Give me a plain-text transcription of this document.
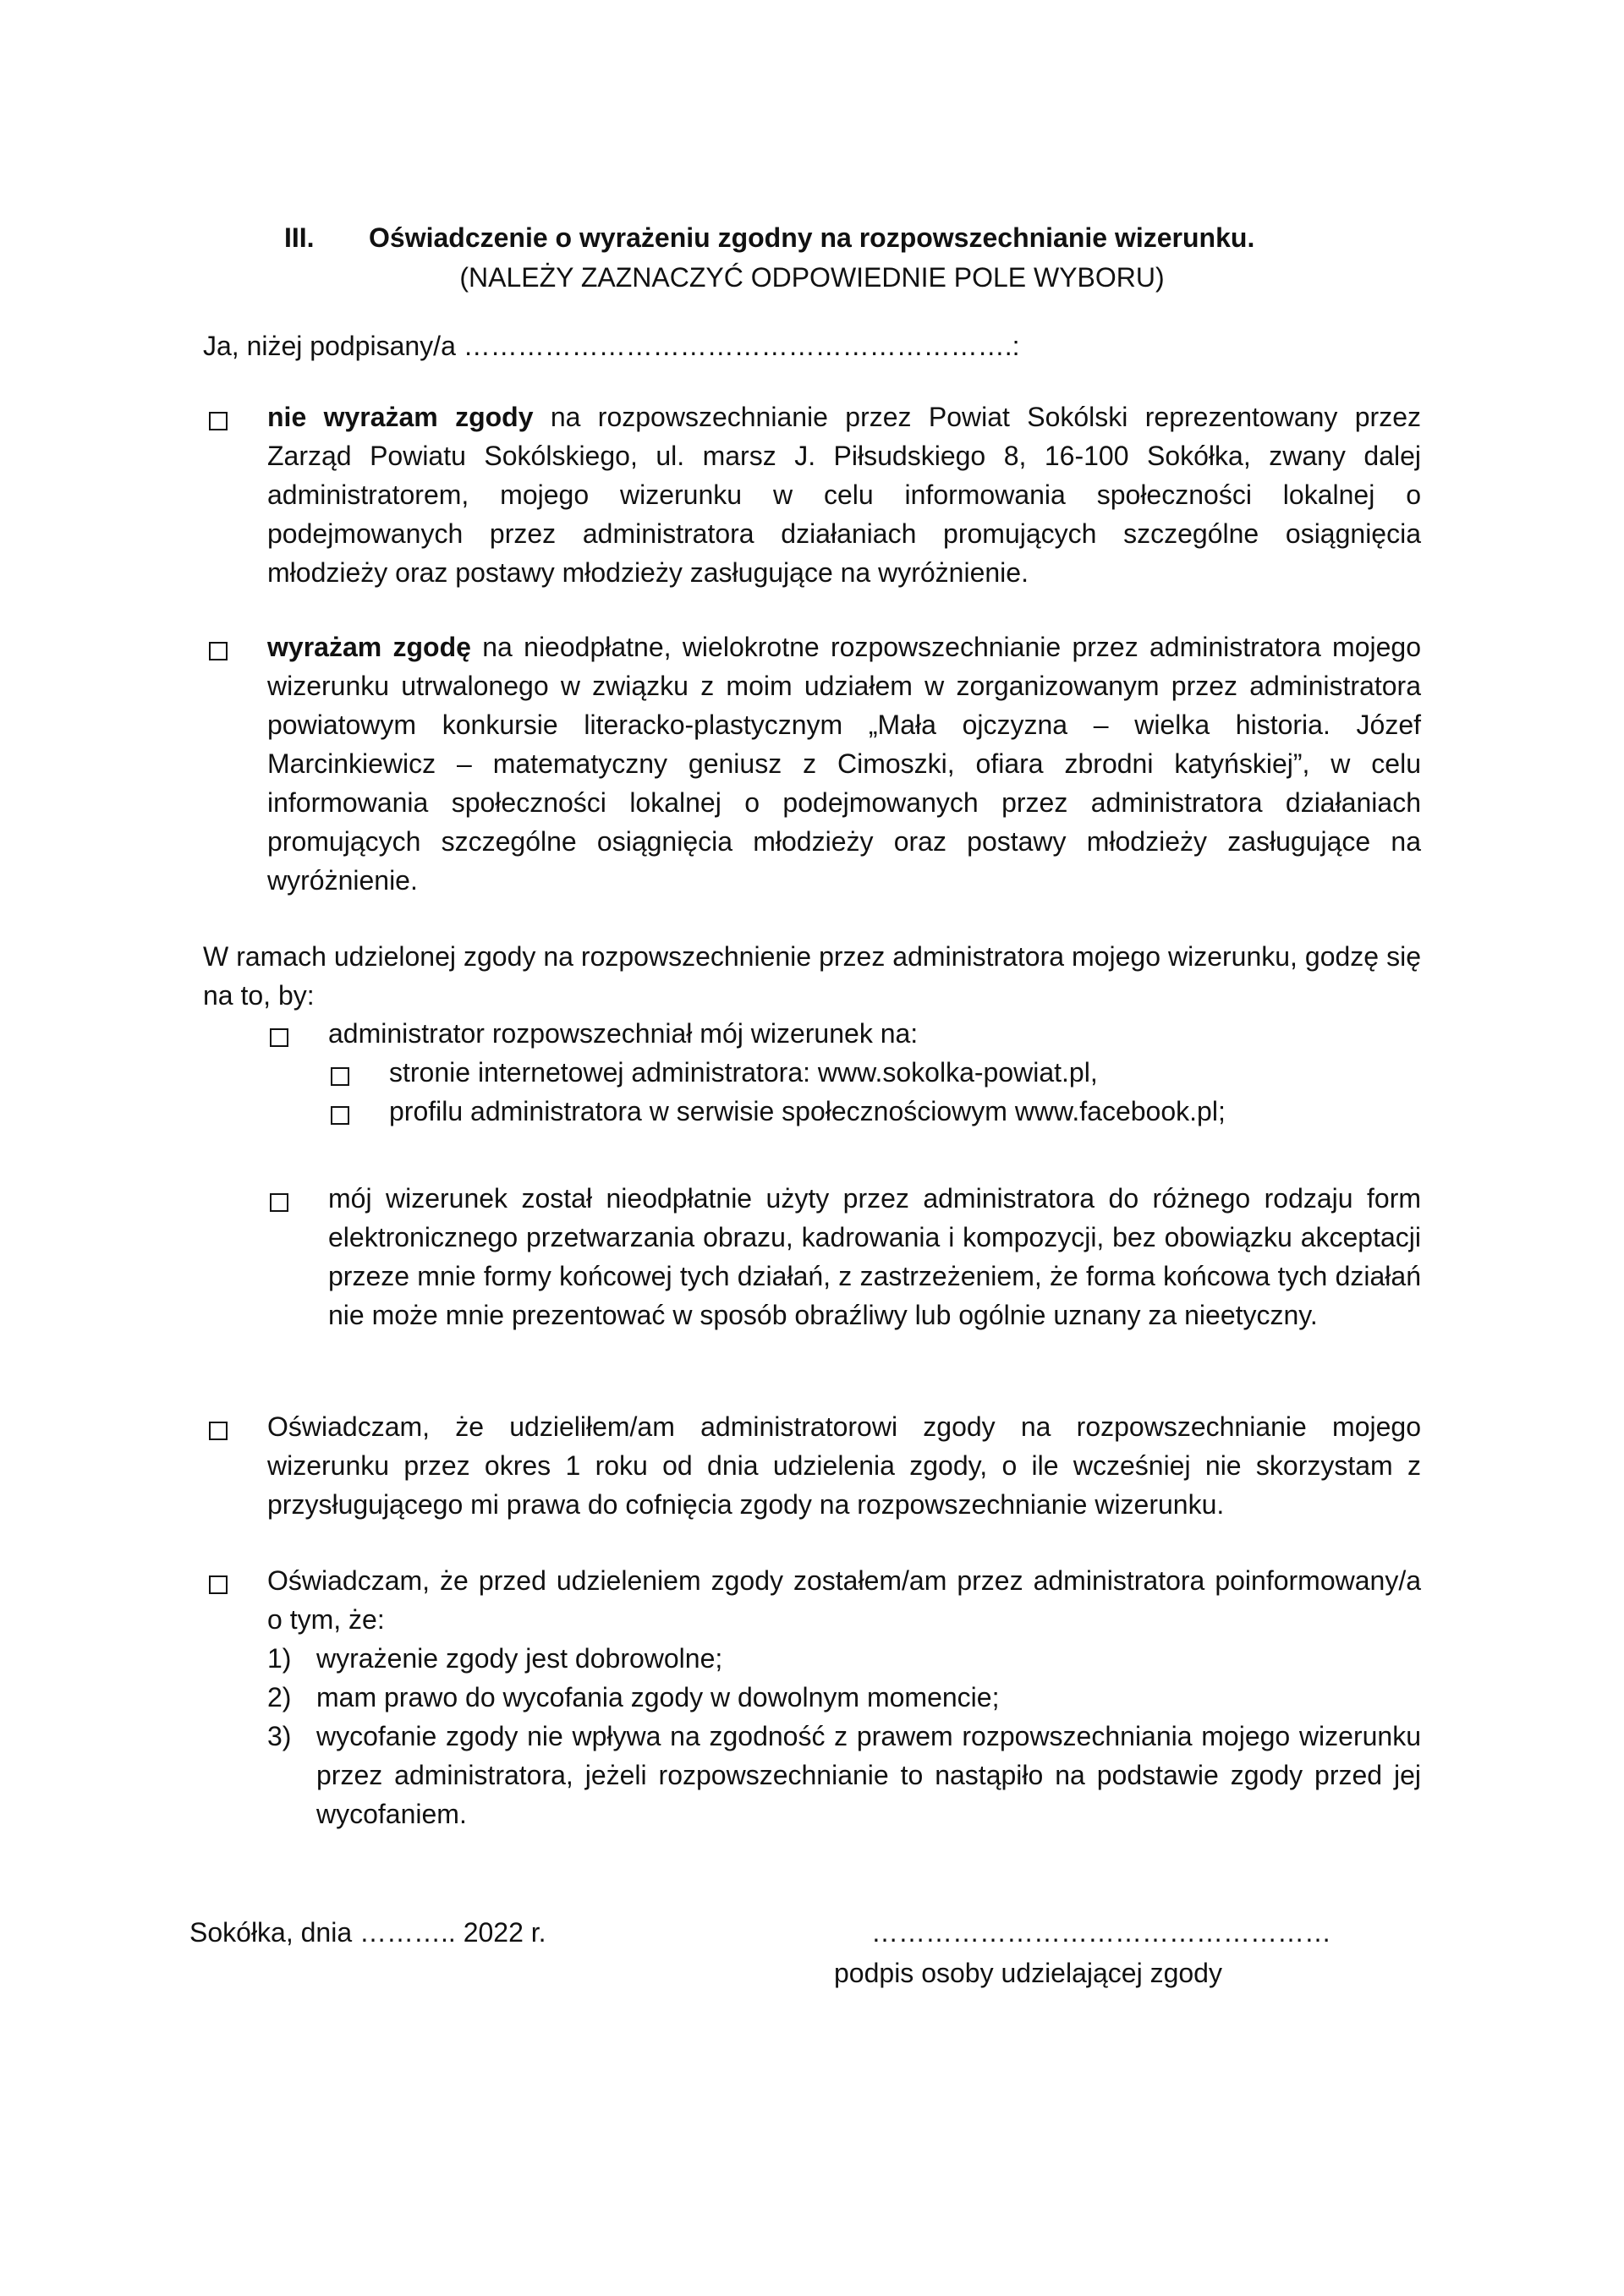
III. Oświadczenie o wyrażeniu zgodny na rozpowszechnianie wizerunku.
(NALEŻY ZAZNACZYĆ ODPOWIEDNIE POLE WYBORU)
Ja, niżej podpisany/a …………………………………………………….:
nie wyrażam zgody na rozpowszechnianie przez Powiat Sokólski reprezentowany przez Zarząd Powiatu Sokólskiego, ul. marsz J. Piłsudskiego 8, 16-100 Sokółka, zwany dalej administratorem, mojego wizerunku w celu informowania społeczności lokalnej o podejmowanych przez administratora działaniach promujących szczególne osiągnięcia młodzieży oraz postawy młodzieży zasługujące na wyróżnienie.
wyrażam zgodę na nieodpłatne, wielokrotne rozpowszechnianie przez administratora mojego wizerunku utrwalonego w związku z moim udziałem w zorganizowanym przez administratora powiatowym konkursie literacko-plastycznym „Mała ojczyzna – wielka historia. Józef Marcinkiewicz – matematyczny geniusz z Cimoszki, ofiara zbrodni katyńskiej”, w celu informowania społeczności lokalnej o podejmowanych przez administratora działaniach promujących szczególne osiągnięcia młodzieży oraz postawy młodzieży zasługujące na wyróżnienie.
W ramach udzielonej zgody na rozpowszechnienie przez administratora mojego wizerunku, godzę się na to, by:
administrator rozpowszechniał mój wizerunek na:
stronie internetowej administratora: www.sokolka-powiat.pl,
profilu administratora w serwisie społecznościowym www.facebook.pl;
mój wizerunek został nieodpłatnie użyty przez administratora do różnego rodzaju form elektronicznego przetwarzania obrazu, kadrowania i kompozycji, bez obowiązku akceptacji przeze mnie formy końcowej tych działań, z zastrzeżeniem, że forma końcowa tych działań nie może mnie prezentować w sposób obraźliwy lub ogólnie uznany za nieetyczny.
Oświadczam, że udzieliłem/am administratorowi zgody na rozpowszechnianie mojego wizerunku przez okres 1 roku od dnia udzielenia zgody, o ile wcześniej nie skorzystam z przysługującego mi prawa do cofnięcia zgody na rozpowszechnianie wizerunku.
Oświadczam, że przed udzieleniem zgody zostałem/am przez administratora poinformowany/a o tym, że:
1) wyrażenie zgody jest dobrowolne;
2) mam prawo do wycofania zgody w dowolnym momencie;
3) wycofanie zgody nie wpływa na zgodność z prawem rozpowszechniania mojego wizerunku przez administratora, jeżeli rozpowszechnianie to nastąpiło na podstawie zgody przed jej wycofaniem.
Sokółka, dnia ……….. 2022 r.	……………………………………………
podpis osoby udzielającej zgody
